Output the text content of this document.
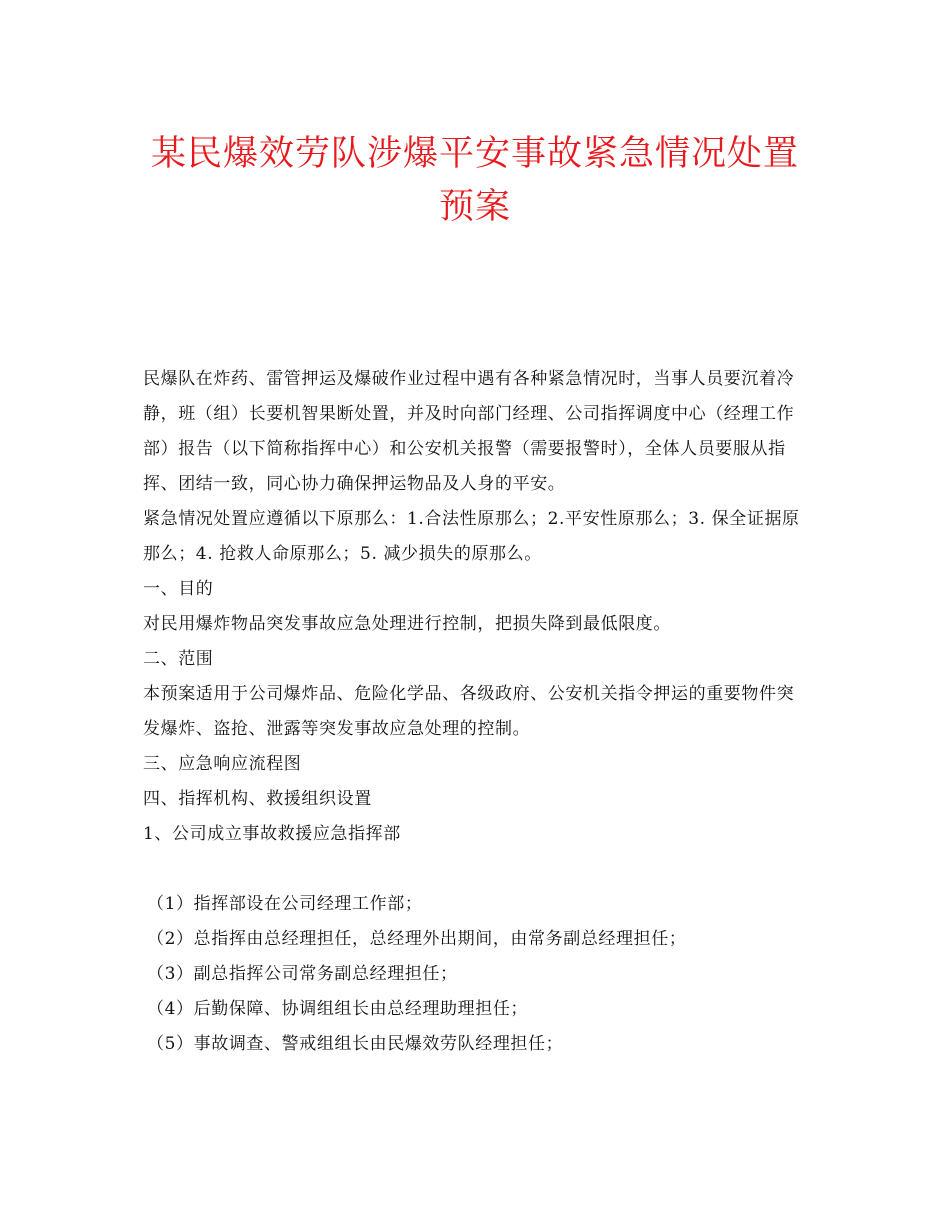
某民爆效劳队涉爆平安事故紧急情况处置预案

民爆队在炸药、雷管押运及爆破作业过程中遇有各种紧急情况时，当事人员要沉着冷静，班（组）长要机智果断处置，并及时向部门经理、公司指挥调度中心（经理工作部）报告（以下简称指挥中心）和公安机关报警（需要报警时），全体人员要服从指挥、团结一致，同心协力确保押运物品及人身的平安。

紧急情况处置应遵循以下原那么：1.合法性原那么；2.平安性原那么；3. 保全证据原那么；4. 抢救人命原那么；5. 减少损失的原那么。

一、目的

对民用爆炸物品突发事故应急处理进行控制，把损失降到最低限度。

二、范围

本预案适用于公司爆炸品、危险化学品、各级政府、公安机关指令押运的重要物件突发爆炸、盗抢、泄露等突发事故应急处理的控制。

三、应急响应流程图

四、指挥机构、救援组织设置

1、公司成立事故救援应急指挥部

（1）指挥部设在公司经理工作部；

（2）总指挥由总经理担任，总经理外出期间，由常务副总经理担任；

（3）副总指挥公司常务副总经理担任；

（4）后勤保障、协调组组长由总经理助理担任；

（5）事故调查、警戒组组长由民爆效劳队经理担任；
